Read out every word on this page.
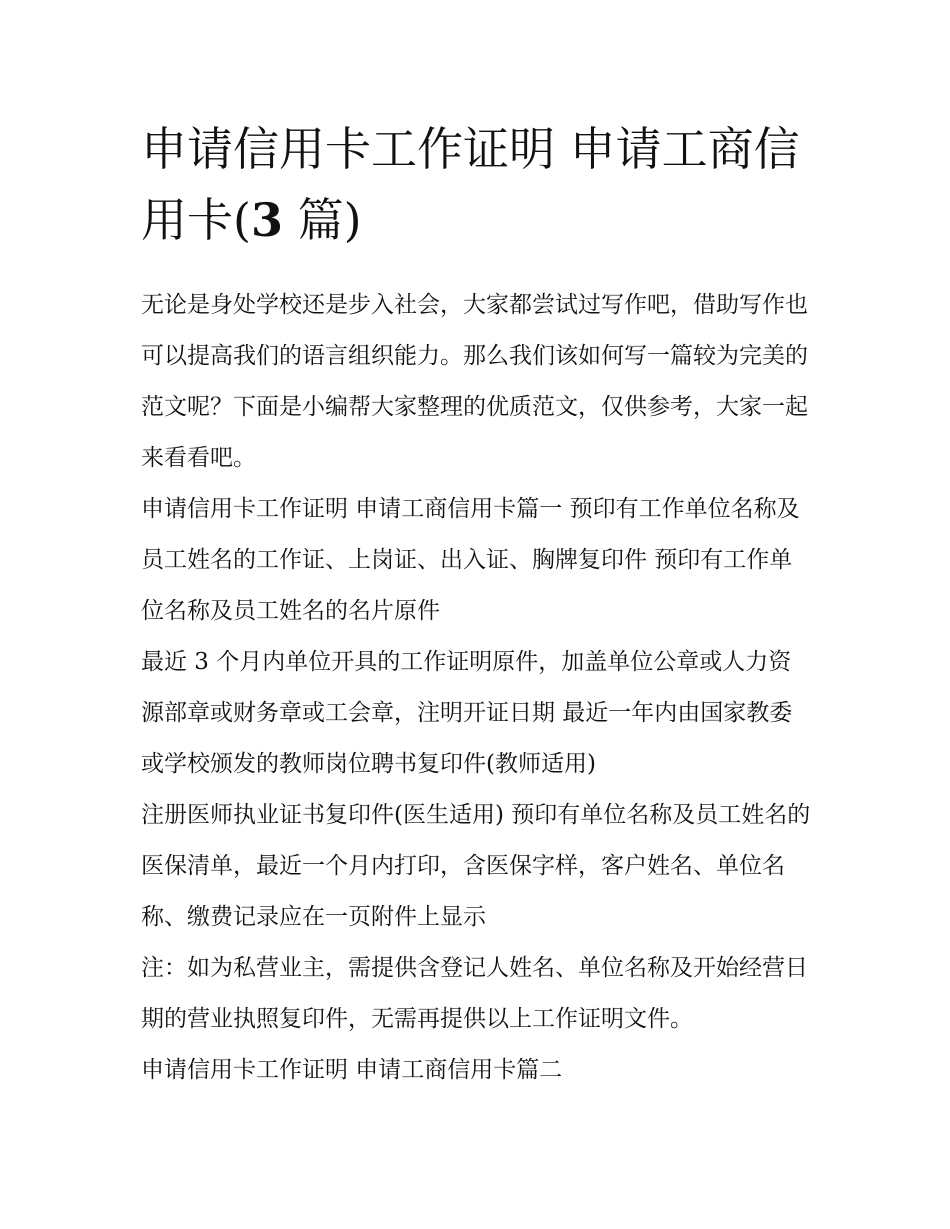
申请信用卡工作证明 申请工商信用卡(3 篇)

无论是身处学校还是步入社会，大家都尝试过写作吧，借助写作也可以提高我们的语言组织能力。那么我们该如何写一篇较为完美的范文呢？下面是小编帮大家整理的优质范文，仅供参考，大家一起来看看吧。

申请信用卡工作证明 申请工商信用卡篇一 预印有工作单位名称及员工姓名的工作证、上岗证、出入证、胸牌复印件 预印有工作单位名称及员工姓名的名片原件

最近 3 个月内单位开具的工作证明原件，加盖单位公章或人力资源部章或财务章或工会章，注明开证日期 最近一年内由国家教委或学校颁发的教师岗位聘书复印件(教师适用)

注册医师执业证书复印件(医生适用) 预印有单位名称及员工姓名的医保清单，最近一个月内打印，含医保字样，客户姓名、单位名称、缴费记录应在一页附件上显示

注：如为私营业主，需提供含登记人姓名、单位名称及开始经营日期的营业执照复印件，无需再提供以上工作证明文件。

申请信用卡工作证明 申请工商信用卡篇二
